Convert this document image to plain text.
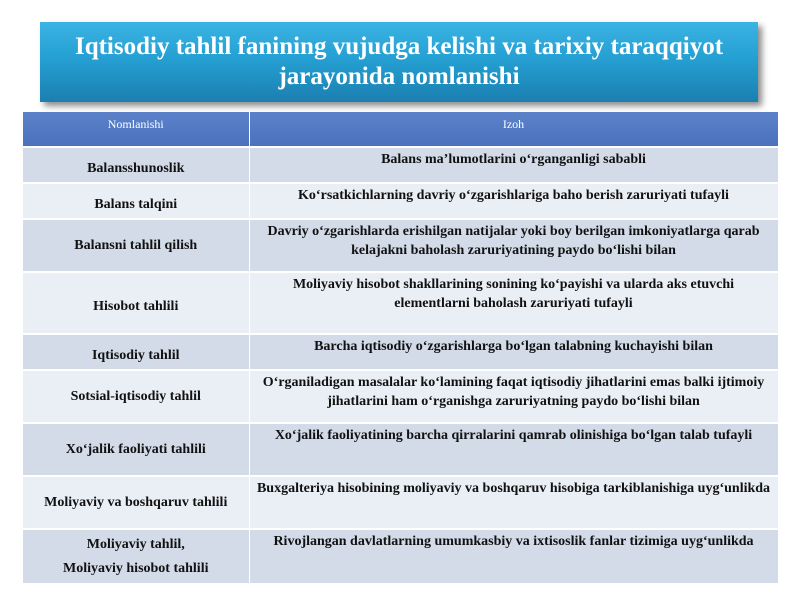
Iqtisodiy tahlil fanining vujudga kelishi va tarixiy taraqqiyot jarayonida nomlanishi
Nomlanishi	Izoh

Balansshunoslik	Balans ma’lumotlarini o‘rganganligi sababli
Balans talqini	Ko‘rsatkichlarning davriy o‘zgarishlariga baho berish zaruriyati tufayli
Balansni tahlil qilish	Davriy o‘zgarishlarda erishilgan natijalar yoki boy berilgan imkoniyatlarga qarab kelajakni baholash zaruriyatining paydo bo‘lishi bilan
Hisobot tahlili	Moliyaviy hisobot shakllarining sonining ko‘payishi va ularda aks etuvchi elementlarni baholash zaruriyati tufayli
Iqtisodiy tahlil	Barcha iqtisodiy o‘zgarishlarga bo‘lgan talabning kuchayishi bilan
Sotsial-iqtisodiy tahlil	O‘rganiladigan masalalar ko‘lamining faqat iqtisodiy jihatlarini emas balki ijtimoiy jihatlarini ham o‘rganishga zaruriyatning paydo bo‘lishi bilan
Xo‘jalik faoliyati tahlili	Xo‘jalik faoliyatining barcha qirralarini qamrab olinishiga bo‘lgan talab tufayli
Moliyaviy va boshqaruv tahlili	Buxgalteriya hisobining moliyaviy va boshqaruv hisobiga tarkiblanishiga uyg‘unlikda

Moliyaviy tahlil,
Moliyaviy hisobot tahlili	Rivojlangan davlatlarning umumkasbiy va ixtisoslik fanlar tizimiga uyg‘unlikda
